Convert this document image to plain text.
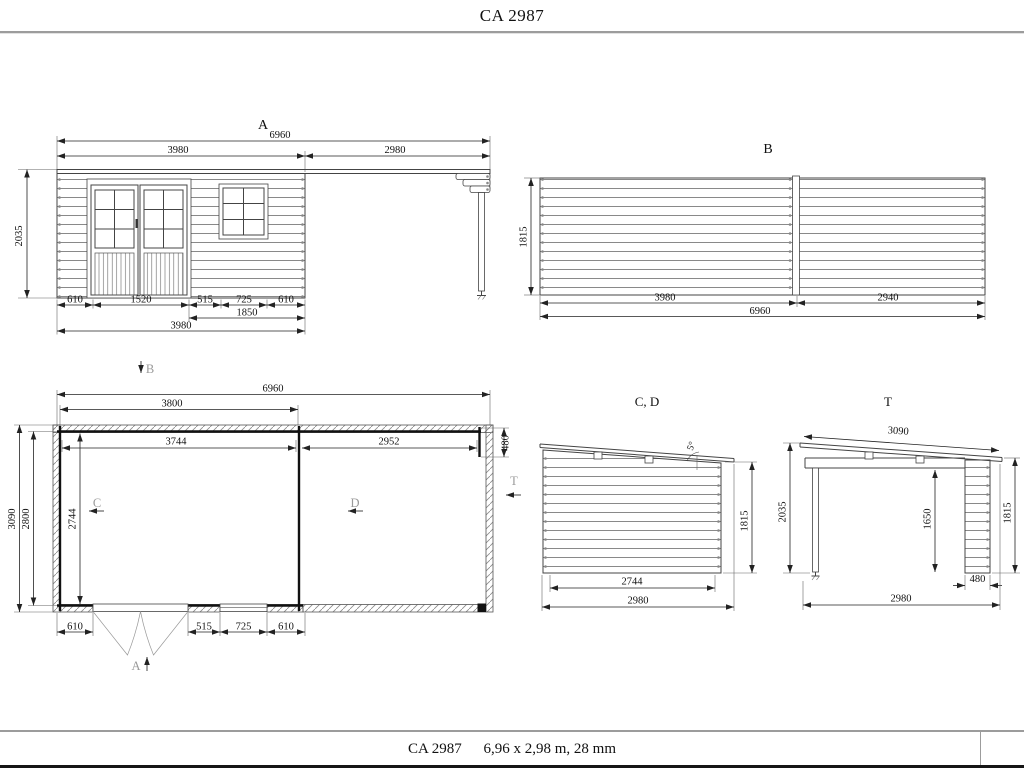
CA 2987
A
6960
3980	2980
2035
610	1520	515 725	610
1850
3980
B
1815
3980	2940
6960
B
6960
3800
3744	2952	480
2744
3090 2800
C	D
T
610	515 725	610
A
C, D
5°
1815
2744
2980
T
3090
2035	1650	1815
480
2980
CA 2987 6,96 x 2,98 m, 28 mm
